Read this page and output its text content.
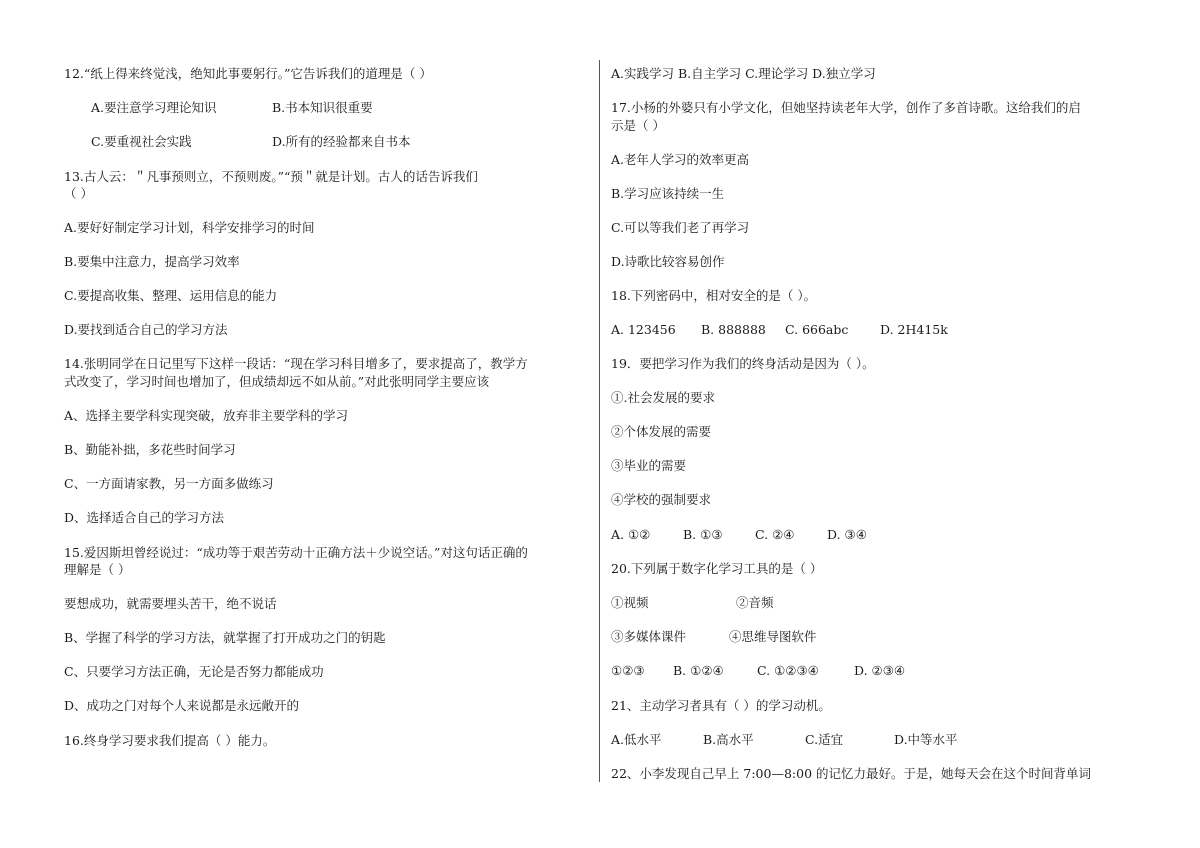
12.“纸上得来终觉浅，绝知此事要躬行。”它告诉我们的道理是（ ）
A.要注意学习理论知识	B.书本知识很重要
C.要重视社会实践	D.所有的经验都来自书本
13.古人云：＂凡事预则立，不预则废。”“预＂就是计划。古人的话告诉我们
（ ）
A.要好好制定学习计划，科学安排学习的时间
B.要集中注意力，提高学习效率
C.要提高收集、整理、运用信息的能力
D.要找到适合自己的学习方法
14.张明同学在日记里写下这样一段话：“现在学习科目增多了，要求提高了，教学方
式改变了，学习时间也增加了，但成绩却远不如从前。”对此张明同学主要应该
A、选择主要学科实现突破，放弃非主要学科的学习
B、勤能补拙，多花些时间学习
C、一方面请家教，另一方面多做练习
D、选择适合自己的学习方法
15.爱因斯坦曾经说过：“成功等于艰苦劳动十正确方法＋少说空话。”对这句话正确的
理解是（ ）
要想成功，就需要埋头苦干，绝不说话
B、学握了科学的学习方法，就掌握了打开成功之门的钥匙
C、只要学习方法正确，无论是否努力都能成功
D、成功之门对每个人来说都是永远敞开的
16.终身学习要求我们提高（ ）能力。
A.实践学习 B.自主学习 C.理论学习 D.独立学习
17.小杨的外婆只有小学文化，但她坚持读老年大学，创作了多首诗歌。这给我们的启
示是（ ）
A.老年人学习的效率更高
B.学习应该持续一生
C.可以等我们老了再学习
D.诗歌比较容易创作
18.下列密码中，相对安全的是（ ）。
A. 123456 B. 888888 C. 666abc	D. 2H415k
19．要把学习作为我们的终身活动是因为（ ）。
①.社会发展的要求
②个体发展的需要
③毕业的需要
④学校的强制要求
A. ①②	B. ①③	C. ②④	D. ③④
20.下列属于数字化学习工具的是（ ）
①视频	②音频
③多媒体课件	④思维导图软件
①②③ B. ①②④	C. ①②③④	D. ②③④
21、主动学习者具有（ ）的学习动机。
A.低水平	B.高水平	C.适宜	D.中等水平
22、小李发现自己早上 7:00—8:00 的记忆力最好。于是，她每天会在这个时间背单词
